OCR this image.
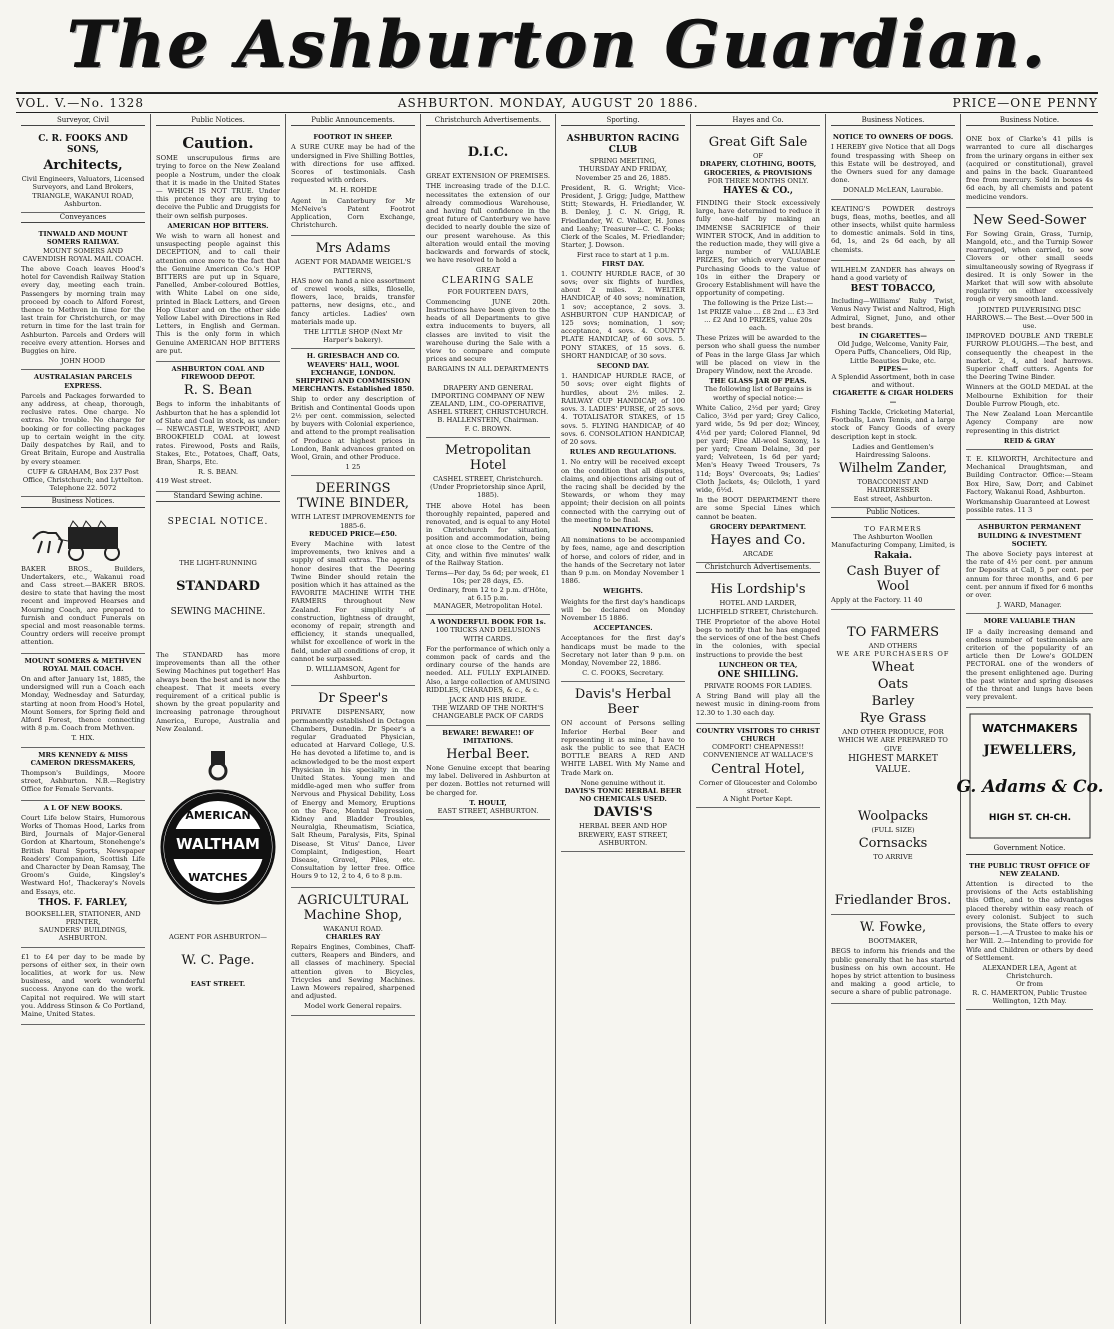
The Ashburton Guardian.
VOL. V.—No. 1328	ASHBURTON. MONDAY, AUGUST 20 1886.	PRICE—ONE PENNY
Surveyor, Civil
C. R. FOOKS AND SONS,
Architects,
Civil Engineers, Valuators, Licensed Surveyors, and Land Brokers, TRIANGLE, WAKANUI ROAD, Ashburton.
Conveyances
TINWALD AND MOUNT SOMERS RAILWAY.
MOUNT SOMERS AND CAVENDISH ROYAL MAIL COACH.
The above Coach leaves Hood's hotel for Cavendish Railway Station every day, meeting each train. Passengers by morning train may proceed by coach to Alford Forest, thence to Methven in time for the last train for Christchurch, or may return in time for the last train for Ashburton. Parcels and Orders will receive every attention. Horses and Buggies on hire.
JOHN HOOD
AUSTRALASIAN PARCELS EXPRESS.
Parcels and Packages forwarded to any address, at cheap, thorough, reclusive rates. One charge. No extras. No trouble. No charge for booking or for collecting packages up to certain weight in the city. Daily despatches by Rail, and to Great Britain, Europe and Australia by every steamer.
CUFF & GRAHAM, Box 237 Post Office, Christchurch; and Lyttelton. Telephone 22. 5072
Business Notices.
BAKER BROS., Builders, Undertakers, etc., Wakanui road and Cass street.—BAKER BROS. desire to state that having the most recent and improved Hearses and Mourning Coach, are prepared to furnish and conduct Funerals on special and most reasonable terms. Country orders will receive prompt attention.
MOUNT SOMERS & METHVEN ROYAL MAIL COACH.
On and after January 1st, 1885, the undersigned will run a Coach each Monday, Wednesday and Saturday, starting at noon from Hood's Hotel, Mount Somers, for Spring field and Alford Forest, thence connecting with 8 p.m. Coach from Methven.
T. HIX.
MRS KENNEDY & MISS CAMERON DRESSMAKERS,
Thompson's Buildings, Moore street, Ashburton. N.B.—Registry Office for Female Servants.
A L OF NEW BOOKS.
Court Life below Stairs, Humorous Works of Thomas Hood, Larks from Bird, Journals of Major-General Gordon at Khartoum, Stonehenge's British Rural Sports, Newspaper Readers' Companion, Scottish Life and Character by Dean Ramsay, The Groom's Guide, Kingsley's Westward Ho!, Thackeray's Novels and Essays, etc.
THOS. F. FARLEY,
BOOKSELLER, STATIONER, AND PRINTER,
SAUNDERS' BUILDINGS, ASHBURTON.
£1 to £4 per day to be made by persons of either sex, in their own localities, at work for us. New business, and work wonderful success. Anyone can do the work. Capital not required. We will start you. Address Stinson & Co Portland, Maine, United States.
Public Notices.
Caution.
SOME unscrupulous firms are trying to force on the New Zealand people a Nostrum, under the cloak that it is made in the United States— WHICH IS NOT TRUE. Under this pretence they are trying to deceive the Public and Druggists for their own selfish purposes.
AMERICAN HOP BITTERS.
We wish to warn all honest and unsuspecting people against this DECEPTION, and to call their attention once more to the fact that the Genuine American Co.'s HOP BITTERS are put up in Square, Panelled, Amber-coloured Bottles, with White Label on one side, printed in Black Letters, and Green Hop Cluster and on the other side Yellow Label with Directions in Red Letters, in English and German. This is the only form in which Genuine AMERICAN HOP BITTERS are put.
ASHBURTON COAL AND FIREWOOD DEPOT.
R. S. Bean
Begs to inform the inhabitants of Ashburton that he has a splendid lot of Slate and Coal in stock, as under:— NEWCASTLE, WESTPORT, AND BROOKFIELD COAL at lowest rates. Firewood, Posts and Rails, Stakes, Etc., Potatoes, Chaff, Oats, Bran, Sharps, Etc.
R. S. BEAN.
419 West street.
Standard Sewing achine.
SPECIAL NOTICE.
THE LIGHT-RUNNING
STANDARD
SEWING MACHINE.
The STANDARD has more improvements than all the other Sewing Machines put together! Has always been the best and is now the cheapest. That it meets every requirement of a critical public is shown by the great popularity and increasing patronage throughout America, Europe, Australia and New Zealand.
AMERICAN
WALTHAM
WATCHES
AGENT FOR ASHBURTON—
W. C. Page.
EAST STREET.
Public Announcements.
FOOTROT IN SHEEP.
A SURE CURE may be had of the undersigned in Five Shilling Bottles, with directions for use affixed. Scores of testimonials. Cash requested with orders.
M. H. ROHDE
Agent in Canterbury for Mr McNeive's Patent Footrot Application, Corn Exchange, Christchurch.
Mrs Adams
AGENT FOR MADAME WEIGEL'S PATTERNS,
HAS now on hand a nice assortment of crewel wools, silks, filoselle, flowers, lace, braids, transfer patterns, new designs, etc., and fancy articles. Ladies' own materials made up.
THE LITTLE SHOP (Next Mr Harper's bakery).
H. GRIESBACH AND CO. WEAVERS' HALL, WOOL EXCHANGE, LONDON. SHIPPING AND COMMISSION MERCHANTS. Established 1850.
Ship to order any description of British and Continental Goods upon 2½ per cent. commission, selected by buyers with Colonial experience, and attend to the prompt realisation of Produce at highest prices in London, Bank advances granted on Wool, Grain, and other Produce.
1 25
DEERINGS TWINE BINDER,
WITH LATEST IMPROVEMENTS for 1885-6.
REDUCED PRICE—£50.
Every Machine with latest improvements, two knives and a supply of small extras. The agents honor desires that the Deering Twine Binder should retain the position which it has attained as the FAVORITE MACHINE WITH THE FARMERS throughout New Zealand. For simplicity of construction, lightness of draught, economy of repair, strength and efficiency, it stands unequalled, whilst for excellence of work in the field, under all conditions of crop, it cannot be surpassed.
D. WILLIAMSON, Agent for Ashburton.
Dr Speer's
PRIVATE DISPENSARY, now permanently established in Octagon Chambers, Dunedin. Dr Speer's a regular Graduated Physician, educated at Harvard College, U.S. He has devoted a lifetime to, and is acknowledged to be the most expert Physician in his specialty in the United States. Young men and middle-aged men who suffer from Nervous and Physical Debility, Loss of Energy and Memory, Eruptions on the Face, Mental Depression, Kidney and Bladder Troubles, Neuralgia, Rheumatism, Sciatica, Salt Rheum, Paralysis, Fits, Spinal Disease, St Vitus' Dance, Liver Complaint, Indigestion, Heart Disease, Gravel, Piles, etc. Consultation by letter free. Office Hours 9 to 12, 2 to 4, 6 to 8 p.m.
AGRICULTURAL Machine Shop,
WAKANUI ROAD.
CHARLES RAY
Repairs Engines, Combines, Chaff-cutters, Reapers and Binders, and all classes of machinery. Special attention given to Bicycles, Tricycles and Sewing Machines. Lawn Mowers repaired, sharpened and adjusted.
Model work General repairs.
Christchurch Advertisements.
D.I.C.
GREAT EXTENSION OF PREMISES.
THE increasing trade of the D.I.C. necessitates the extension of our already commodious Warehouse, and having full confidence in the great future of Canterbury we have decided to nearly double the size of our present warehouse. As this alteration would entail the moving backwards and forwards of stock, we have resolved to hold a
GREAT
CLEARING SALE
FOR FOURTEEN DAYS,
Commencing JUNE 20th. Instructions have been given to the heads of all Departments to give extra inducements to buyers, all classes are invited to visit the warehouse during the Sale with a view to compare and compute prices and secure
BARGAINS IN ALL DEPARTMENTS
DRAPERY AND GENERAL IMPORTING COMPANY OF NEW ZEALAND, LIM., CO-OPERATIVE,
ASHEL STREET, CHRISTCHURCH.
B. HALLENSTEIN, Chairman.
F. C. BROWN.
Metropolitan Hotel
CASHEL STREET, Christchurch.
(Under Proprietorship since April, 1885).
THE above Hotel has been thoroughly repainted, papered and renovated, and is equal to any Hotel in Christchurch for situation, position and accommodation, being at once close to the Centre of the City, and within five minutes' walk of the Railway Station.
Terms—Per day, 5s 6d; per week, £1 10s; per 28 days, £5.
Ordinary, from 12 to 2 p.m. d'Hôte, at 6.15 p.m.
MANAGER, Metropolitan Hotel.
A WONDERFUL BOOK FOR 1s.
100 TRICKS AND DELUSIONS WITH CARDS.
For the performance of which only a common pack of cards and the ordinary course of the hands are needed. ALL FULLY EXPLAINED. Also, a large collection of AMUSING RIDDLES, CHARADES, & c., & c.
JACK AND HIS BRIDE.
THE WIZARD OF THE NORTH'S CHANGEABLE PACK OF CARDS
BEWARE! BEWARE!! OF IMITATIONS.
Herbal Beer.
None Genuine except that bearing my label. Delivered in Ashburton at per dozen. Bottles not returned will be charged for.
T. HOULT,
EAST STREET, ASHBURTON.
Sporting.
ASHBURTON RACING CLUB
SPRING MEETING,
THURSDAY AND FRIDAY, November 25 and 26, 1885.
President, R. G. Wright; Vice-President, J. Grigg; Judge, Matthew Stitt; Stewards, H. Friedlander, W. B. Denley, J. C. N. Grigg, R. Friedlander, W. C. Walker, H. Jones and Leahy; Treasurer—C. C. Fooks; Clerk of the Scales, M. Friedlander; Starter, J. Dowson.
First race to start at 1 p.m.
FIRST DAY.
1. COUNTY HURDLE RACE, of 30 sovs; over six flights of hurdles, about 2 miles. 2. WELTER HANDICAP, of 40 sovs; nomination, 1 sov; acceptance, 2 sovs. 3. ASHBURTON CUP HANDICAP, of 125 sovs; nomination, 1 sov; acceptance, 4 sovs. 4. COUNTY PLATE HANDICAP, of 60 sovs. 5. PONY STAKES, of 15 sovs. 6. SHORT HANDICAP, of 30 sovs.
SECOND DAY.
1. HANDICAP HURDLE RACE, of 50 sovs; over eight flights of hurdles, about 2½ miles. 2. RAILWAY CUP HANDICAP, of 100 sovs. 3. LADIES' PURSE, of 25 sovs. 4. TOTALISATOR STAKES, of 15 sovs. 5. FLYING HANDICAP, of 40 sovs. 6. CONSOLATION HANDICAP, of 20 sovs.
RULES AND REGULATIONS.
1. No entry will be received except on the condition that all disputes, claims, and objections arising out of the racing shall be decided by the Stewards, or whom they may appoint; their decision on all points connected with the carrying out of the meeting to be final.
NOMINATIONS.
All nominations to be accompanied by fees, name, age and description of horse, and colors of rider, and in the hands of the Secretary not later than 9 p.m. on Monday November 1 1886.
WEIGHTS.
Weights for the first day's handicaps will be declared on Monday November 15 1886.
ACCEPTANCES.
Acceptances for the first day's handicaps must be made to the Secretary not later than 9 p.m. on Monday, November 22, 1886.
C. C. FOOKS, Secretary.
Davis's Herbal Beer
ON account of Persons selling Inferior Herbal Beer and representing it as mine, I have to ask the public to see that EACH BOTTLE BEARS A RED AND WHITE LABEL With My Name and Trade Mark on.
None genuine without it.
DAVIS'S TONIC HERBAL BEER
NO CHEMICALS USED.
DAVIS'S
HERBAL BEER AND HOP BREWERY, EAST STREET, ASHBURTON.
Hayes and Co.
Great Gift Sale
OF
DRAPERY, CLOTHING, BOOTS, GROCERIES, & PROVISIONS
FOR THREE MONTHS ONLY.
HAYES & CO.,
FINDING their Stock excessively large, have determined to reduce it fully one-half by making an IMMENSE SACRIFICE of their WINTER STOCK, And in addition to the reduction made, they will give a large number of VALUABLE PRIZES, for which every Customer Purchasing Goods to the value of 10s in either the Drapery or Grocery Establishment will have the opportunity of competing.
The following is the Prize List:—
1st PRIZE value ... £8 2nd ... £3 3rd ... £2 And 10 PRIZES, value 20s each.
These Prizes will be awarded to the person who shall guess the number of Peas in the large Glass Jar which will be placed on view in the Drapery Window, next the Arcade.
THE GLASS JAR OF PEAS.
The following list of Bargains is worthy of special notice:—
White Calico, 2½d per yard; Grey Calico, 3½d per yard; Grey Calico, yard wide, 5s 9d per doz; Wincey, 4½d per yard; Colored Flannel, 9d per yard; Fine All-wool Saxony, 1s per yard; Cream Delaine, 3d per yard; Velveteen, 1s 6d per yard; Men's Heavy Tweed Trousers, 7s 11d; Boys' Overcoats, 9s; Ladies' Cloth Jackets, 4s; Oilcloth, 1 yard wide, 6½d.
In the BOOT DEPARTMENT there are some Special Lines which cannot be beaten.
GROCERY DEPARTMENT.
Hayes and Co.
ARCADE
Christchurch Advertisements.
His Lordship's
HOTEL AND LARDER,
LICHFIELD STREET, Christchurch.
THE Proprietor of the above Hotel begs to notify that he has engaged the services of one of the best Chefs in the colonies, with special instructions to provide the best
LUNCHEON OR TEA,
ONE SHILLING.
PRIVATE ROOMS FOR LADIES.
A String Band will play all the newest music in dining-room from 12.30 to 1.30 each day.
COUNTRY VISITORS TO CHRIST CHURCH
COMFORT! CHEAPNESS!! CONVENIENCE AT WALLACE'S
Central Hotel,
Corner of Gloucester and Colombo street.
A Night Porter Kept.
Business Notices.
NOTICE TO OWNERS OF DOGS.
I HEREBY give Notice that all Dogs found trespassing with Sheep on this Estate will be destroyed, and the Owners sued for any damage done.
DONALD McLEAN, Laurabie.
KEATING'S POWDER destroys bugs, fleas, moths, beetles, and all other insects, whilst quite harmless to domestic animals. Sold in tins, 6d, 1s, and 2s 6d each, by all chemists.
WILHELM ZANDER has always on hand a good variety of
BEST TOBACCO,
Including—Williams' Ruby Twist, Venus Navy Twist and Naltrod, High Admiral, Signet, Juno, and other best brands.
IN CIGARETTES—
Old Judge, Welcome, Vanity Fair, Opera Puffs, Chanceliers, Old Rip, Little Beauties Duke, etc.
PIPES—
A Splendid Assortment, both in case and without.
CIGARETTE & CIGAR HOLDERS—
Fishing Tackle, Cricketing Material, Footballs, Lawn Tennis, and a large stock of Fancy Goods of every description kept in stock.
Ladies and Gentlemen's Hairdressing Saloons.
Wilhelm Zander,
TOBACCONIST AND HAIRDRESSER
East street, Ashburton.
Public Notices.
TO FARMERS
The Ashburton Woollen Manufacturing Company, Limited, is
Rakaia.
Cash Buyer of Wool
Apply at the Factory. 11 40
TO FARMERS
AND OTHERS
WE ARE PURCHASERS OF
Wheat
Oats
Barley
Rye Grass
AND OTHER PRODUCE, FOR WHICH WE ARE PREPARED TO GIVE
HIGHEST MARKET VALUE.
Woolpacks
(FULL SIZE)
Cornsacks
TO ARRIVE
Friedlander Bros.
W. Fowke,
BOOTMAKER,
BEGS to inform his friends and the public generally that he has started business on his own account. He hopes by strict attention to business and making a good article, to secure a share of public patronage.
Business Notice.
ONE box of Clarke's 41 pills is warranted to cure all discharges from the urinary organs in either sex (acquired or constitutional), gravel and pains in the back. Guaranteed free from mercury. Sold in boxes 4s 6d each, by all chemists and patent medicine vendors.
New Seed-Sower
For Sowing Grain, Grass, Turnip, Mangold, etc., and the Turnip Sower rearranged, when carried, to sow Clovers or other small seeds simultaneously sowing of Ryegrass if desired. It is only Sower in the Market that will sow with absolute regularity on either excessively rough or very smooth land.
JOINTED PULVERISING DISC HARROWS.— The Best.—Over 500 in use.
IMPROVED DOUBLE AND TREBLE FURROW PLOUGHS.—The best, and consequently the cheapest in the market. 2, 4, and leaf harrows. Superior chaff cutters. Agents for the Deering Twine Binder.
Winners at the GOLD MEDAL at the Melbourne Exhibition for their Double Furrow Plough, etc.
The New Zealand Loan Mercantile Agency Company are now representing in this district
REID & GRAY
T. E. KILWORTH, Architecture and Mechanical Draughtsman, and Building Contractor. Office:—Steam Box Hire, Saw, Dorr, and Cabinet Factory, Wakanui Road, Ashburton.
Workmanship Guaranteed at Lowest possible rates. 11 3
ASHBURTON PERMANENT BUILDING & INVESTMENT SOCIETY.
The above Society pays interest at the rate of 4½ per cent. per annum for Deposits at Call, 5 per cent. per annum for three months, and 6 per cent. per annum if fixed for 6 months or over.
J. WARD, Manager.
MORE VALUABLE THAN
IF a daily increasing demand and endless number of testimonials are criterion of the popularity of an article then Dr Lowe's GOLDEN PECTORAL one of the wonders of the present enlightened age. During the past winter and spring diseases of the throat and lungs have been very prevalent.
WATCHMAKERS
JEWELLERS,
G. Adams & Co.
HIGH ST. CH-CH.
Government Notice.
THE PUBLIC TRUST OFFICE OF NEW ZEALAND.
Attention is directed to the provisions of the Acts establishing this Office, and to the advantages placed thereby within easy reach of every colonist. Subject to such provisions, the State offers to every person—1.—A Trustee to make his or her Will. 2.—Intending to provide for Wife and Children or others by deed of Settlement.
ALEXANDER LEA, Agent at Christchurch.
Or from
R. C. HAMERTON, Public Trustee
Wellington, 12th May.
